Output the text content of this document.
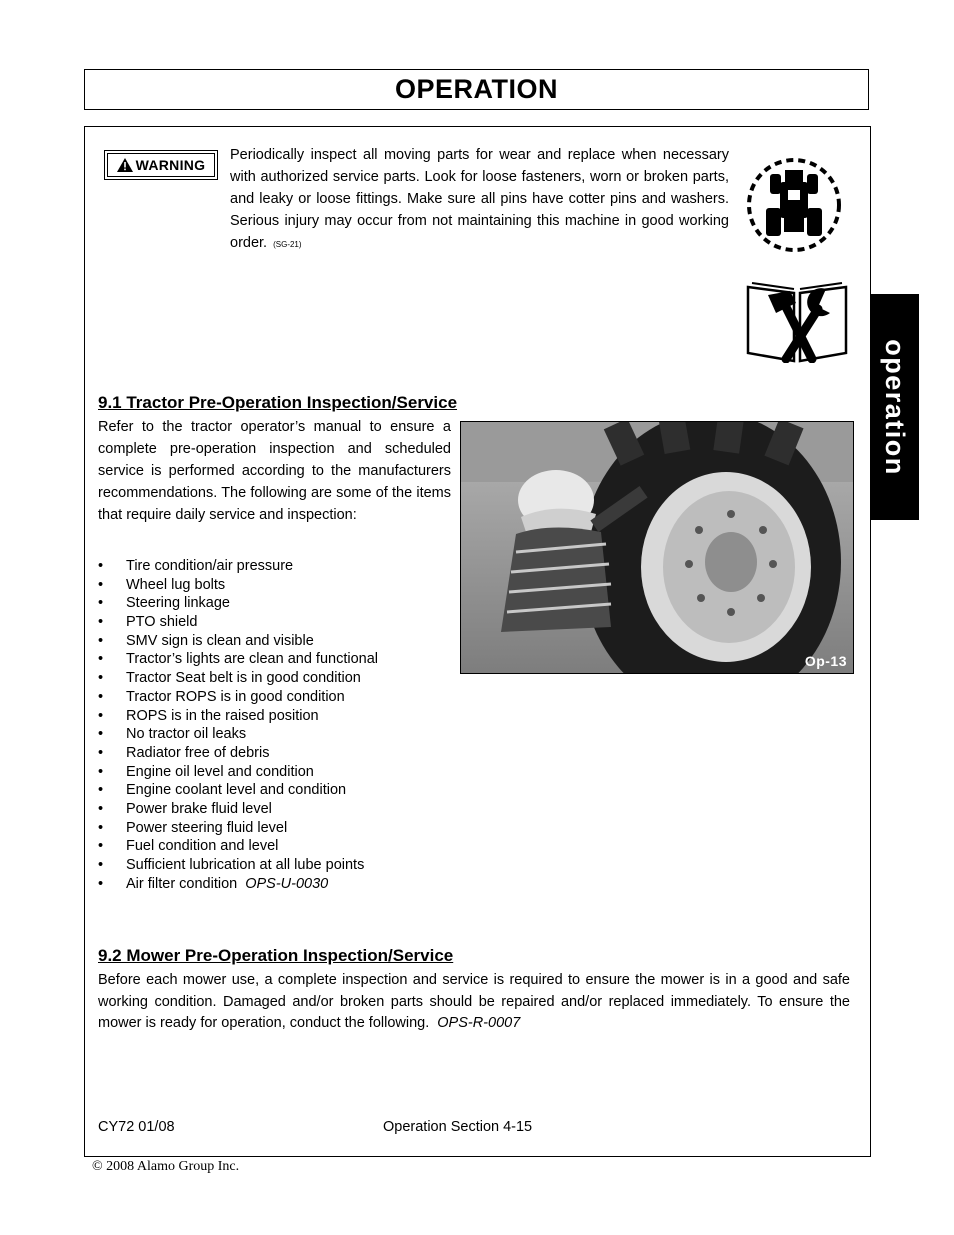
OPERATION
operation
WARNING

Periodically inspect all moving parts for wear and replace when necessary with authorized service parts. Look for loose fasteners, worn or broken parts, and leaky or loose fittings. Make sure all pins have cotter pins and washers. Serious injury may occur from not maintaining this machine in good working order. (SG-21)

9.1 Tractor Pre-Operation Inspection/Service

Refer to the tractor operator’s manual to ensure a complete pre-operation inspection and scheduled service is performed according to the manufacturers recommendations. The following are some of the items that require daily service and inspection:

Op-13
•	Tire condition/air pressure
•	Wheel lug bolts
•	Steering linkage
•	PTO shield
•	SMV sign is clean and visible
•	Tractor’s lights are clean and functional
•	Tractor Seat belt is in good condition
•	Tractor ROPS is in good condition
•	ROPS is in the raised position
•	No tractor oil leaks
•	Radiator free of debris
•	Engine oil level and condition
•	Engine coolant level and condition
•	Power brake fluid level
•	Power steering fluid level
•	Fuel condition and level
•	Sufficient lubrication at all lube points
•	Air filter condition OPS-U-0030
9.2 Mower Pre-Operation Inspection/Service

Before each mower use, a complete inspection and service is required to ensure the mower is in a good and safe working condition. Damaged and/or broken parts should be repaired and/or replaced immediately. To ensure the mower is ready for operation, conduct the following. OPS-R-0007

CY72 01/08	Operation Section 4-15
© 2008 Alamo Group Inc.
